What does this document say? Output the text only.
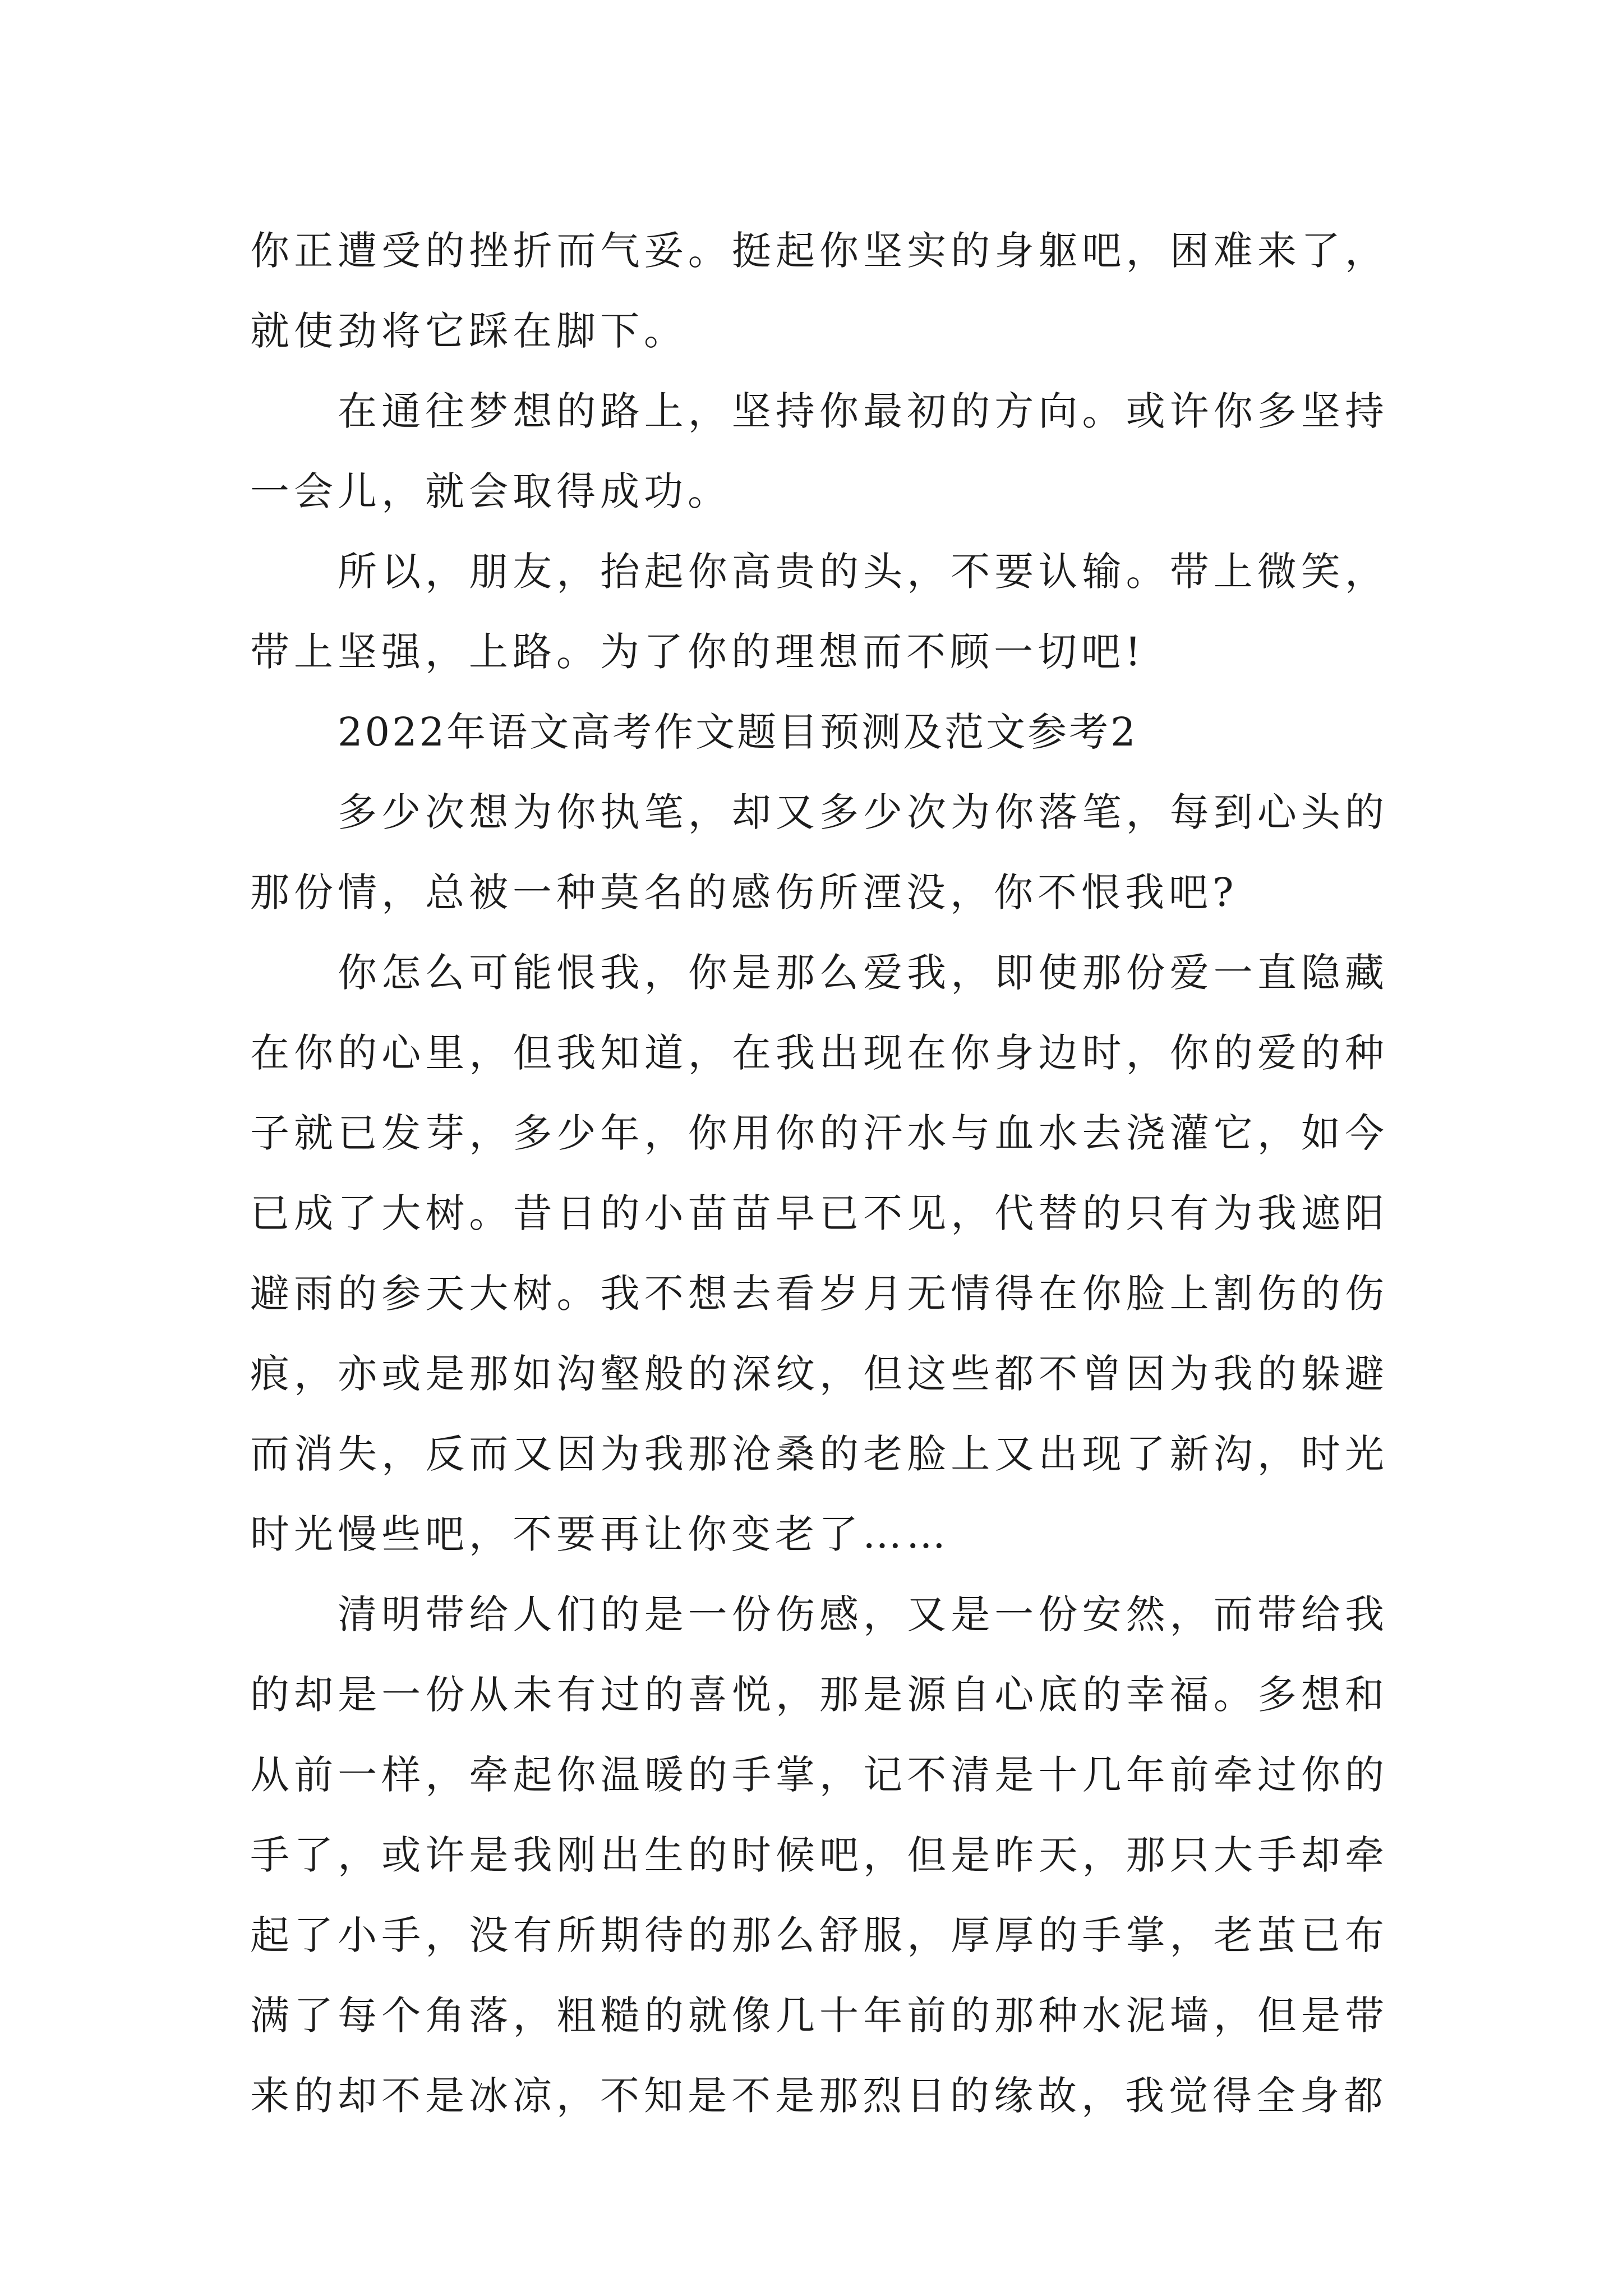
你正遭受的挫折而气妥。挺起你坚实的身躯吧，困难来了，就使劲将它踩在脚下。

在通往梦想的路上，坚持你最初的方向。或许你多坚持一会儿，就会取得成功。

所以，朋友，抬起你高贵的头，不要认输。带上微笑，带上坚强，上路。为了你的理想而不顾一切吧!

2022年语文高考作文题目预测及范文参考2

多少次想为你执笔，却又多少次为你落笔，每到心头的那份情，总被一种莫名的感伤所湮没，你不恨我吧?

你怎么可能恨我，你是那么爱我，即使那份爱一直隐藏在你的心里，但我知道，在我出现在你身边时，你的爱的种子就已发芽，多少年，你用你的汗水与血水去浇灌它，如今已成了大树。昔日的小苗苗早已不见，代替的只有为我遮阳避雨的参天大树。我不想去看岁月无情得在你脸上割伤的伤痕，亦或是那如沟壑般的深纹，但这些都不曾因为我的躲避而消失，反而又因为我那沧桑的老脸上又出现了新沟，时光时光慢些吧，不要再让你变老了……

清明带给人们的是一份伤感，又是一份安然，而带给我的却是一份从未有过的喜悦，那是源自心底的幸福。多想和从前一样，牵起你温暖的手掌，记不清是十几年前牵过你的手了，或许是我刚出生的时候吧，但是昨天，那只大手却牵起了小手，没有所期待的那么舒服，厚厚的手掌，老茧已布满了每个角落，粗糙的就像几十年前的那种水泥墙，但是带来的却不是冰凉，不知是不是那烈日的缘故，我觉得全身都
